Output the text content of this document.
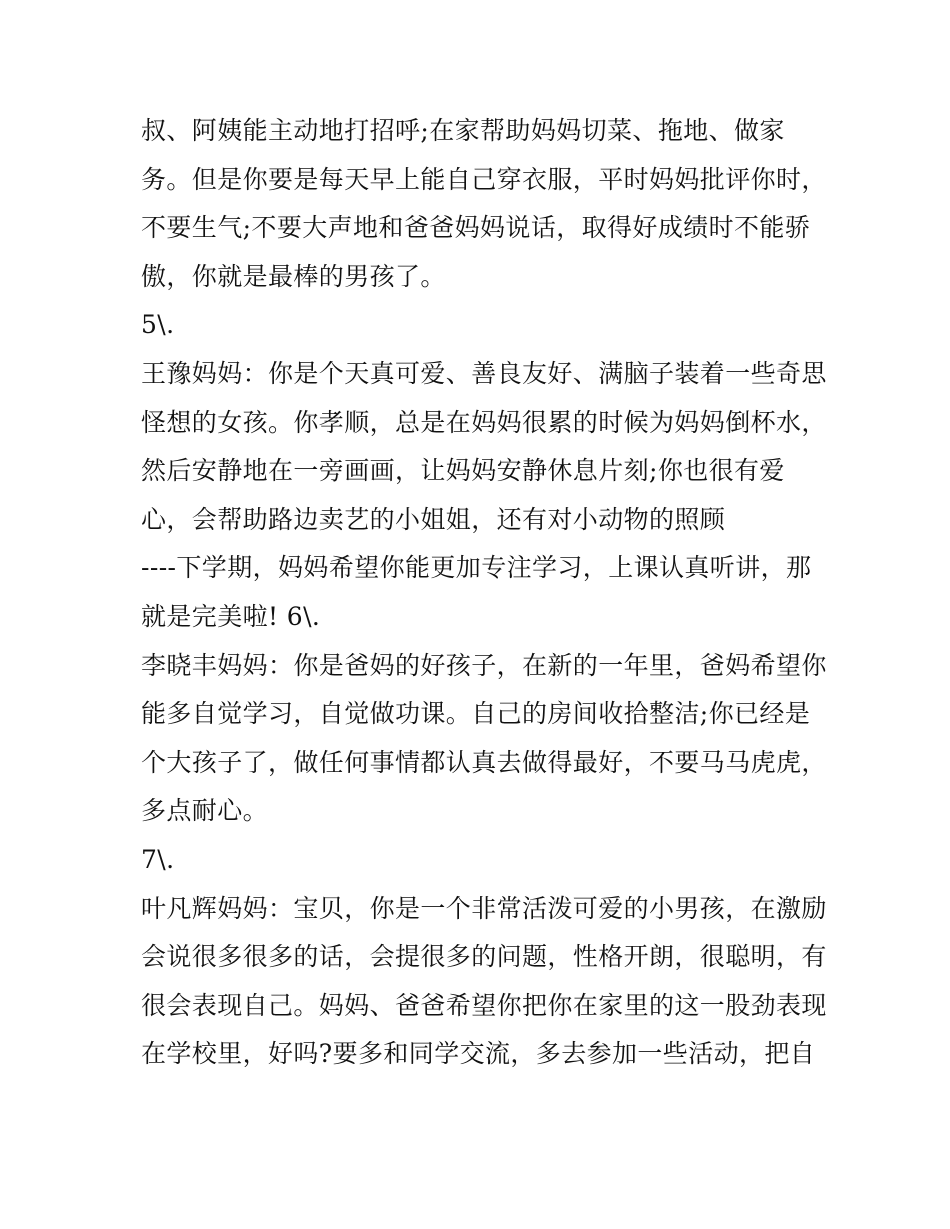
叔、阿姨能主动地打招呼;在家帮助妈妈切菜、拖地、做家
务。但是你要是每天早上能自己穿衣服，平时妈妈批评你时，
不要生气;不要大声地和爸爸妈妈说话，取得好成绩时不能骄
傲，你就是最棒的男孩了。
5\.
王豫妈妈：你是个天真可爱、善良友好、满脑子装着一些奇思
怪想的女孩。你孝顺，总是在妈妈很累的时候为妈妈倒杯水，
然后安静地在一旁画画，让妈妈安静休息片刻;你也很有爱
心，会帮助路边卖艺的小姐姐，还有对小动物的照顾
----下学期，妈妈希望你能更加专注学习，上课认真听讲，那
就是完美啦! 6\.
李晓丰妈妈：你是爸妈的好孩子，在新的一年里，爸妈希望你
能多自觉学习，自觉做功课。自己的房间收拾整洁;你已经是
个大孩子了，做任何事情都认真去做得最好，不要马马虎虎，
多点耐心。
7\.
叶凡辉妈妈：宝贝，你是一个非常活泼可爱的小男孩，在激励
会说很多很多的话，会提很多的问题，性格开朗，很聪明，有
很会表现自己。妈妈、爸爸希望你把你在家里的这一股劲表现
在学校里，好吗?要多和同学交流，多去参加一些活动，把自
